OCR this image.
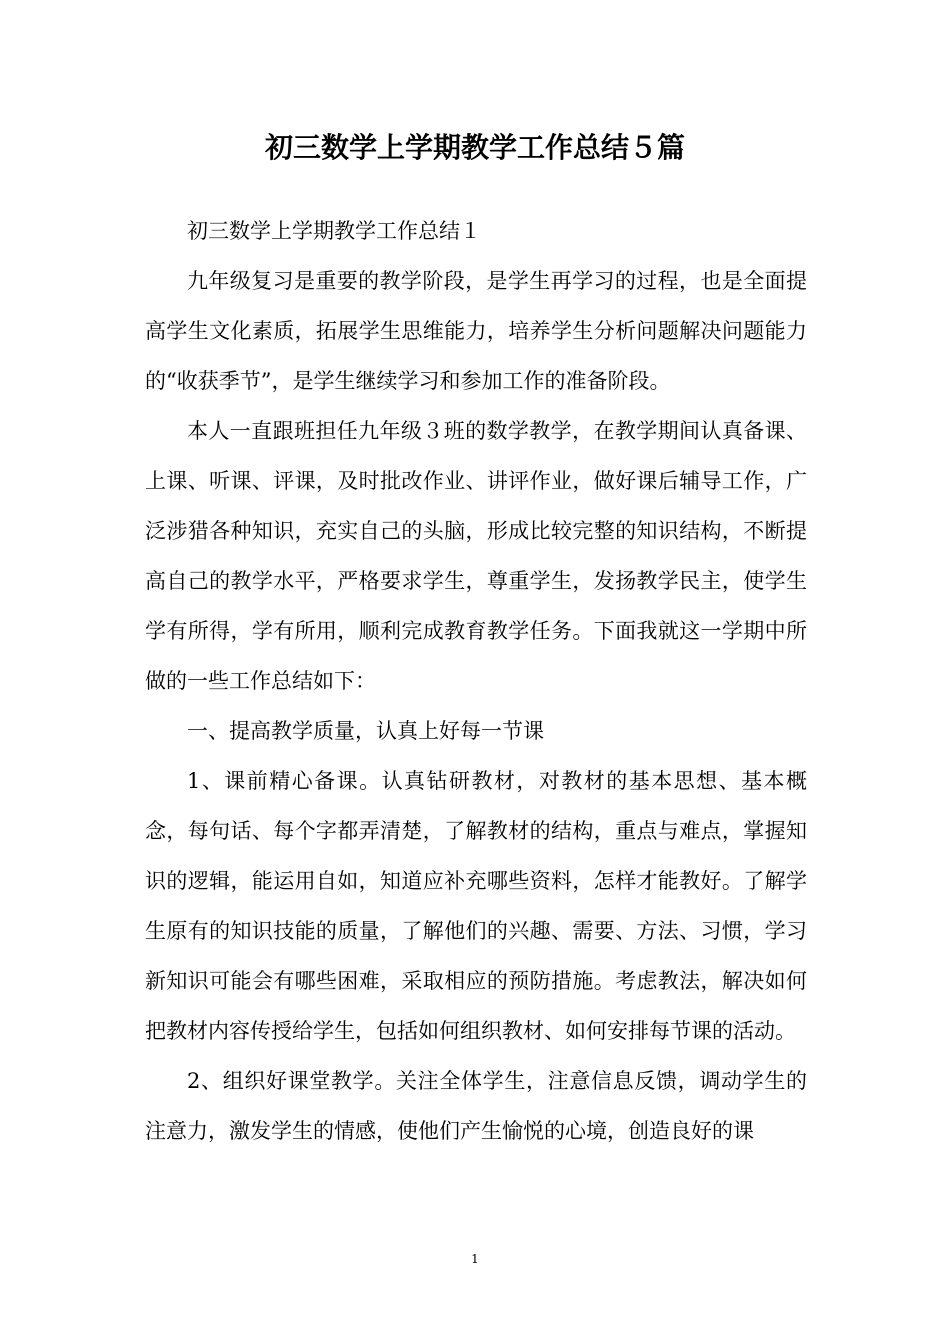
初三数学上学期教学工作总结５篇

初三数学上学期教学工作总结１

九年级复习是重要的教学阶段，是学生再学习的过程，也是全面提高学生文化素质，拓展学生思维能力，培养学生分析问题解决问题能力的“收获季节”，是学生继续学习和参加工作的准备阶段。

本人一直跟班担任九年级３班的数学教学，在教学期间认真备课、上课、听课、评课，及时批改作业、讲评作业，做好课后辅导工作，广泛涉猎各种知识，充实自己的头脑，形成比较完整的知识结构，不断提高自己的教学水平，严格要求学生，尊重学生，发扬教学民主，使学生学有所得，学有所用，顺利完成教育教学任务。下面我就这一学期中所做的一些工作总结如下：

一、提高教学质量，认真上好每一节课

1、课前精心备课。认真钻研教材，对教材的基本思想、基本概念，每句话、每个字都弄清楚，了解教材的结构，重点与难点，掌握知识的逻辑，能运用自如，知道应补充哪些资料，怎样才能教好。了解学生原有的知识技能的质量，了解他们的兴趣、需要、方法、习惯，学习新知识可能会有哪些困难，采取相应的预防措施。考虑教法，解决如何把教材内容传授给学生，包括如何组织教材、如何安排每节课的活动。

2、组织好课堂教学。关注全体学生，注意信息反馈，调动学生的注意力，激发学生的情感，使他们产生愉悦的心境，创造良好的课

1
